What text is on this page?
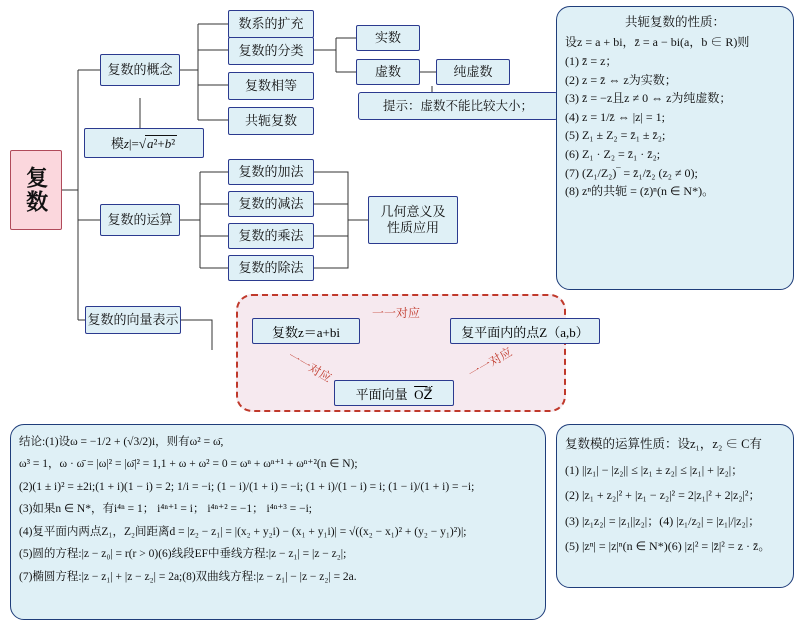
复数
复数的概念
复数的运算
复数的向量表示
数系的扩充
复数的分类
复数相等
共轭复数
实数
虚数	纯虚数
提示：虚数不能比较大小；
模z|=√a²+b²
复数的加法
复数的减法
复数的乘法
复数的除法
几何意义及
性质应用
复数z＝a+bi	复平面内的点Z（a,b）
平面向量 $\overline{OZ}$
一一对应
一一对应	一一对应
共轭复数的性质：
设z = a + bi，z̄ = a − bi(a，b ∈ R)则
(1) z̄̄ = z；
(2) z = z̄ ⇔ z为实数；
(3) z̄ = −z且z ≠ 0 ⇔ z为纯虚数；
(4) z = 1/z̄ ⇔ |z| = 1;
(5) Z₁ ± Z₂ = z̄₁ ± z̄₂;
(6) Z₁ · Z₂ = z̄₁ · z̄₂;
(7) (Z₁/Z₂)‾ = z̄₁/z̄₂ (z₂ ≠ 0);
(8) zⁿ的共轭 = (z̄)ⁿ(n ∈ N*)。
结论:(1)设ω = −1/2 + (√3/2)i，则有ω² = ω̄,
ω³ = 1，ω · ω̄ = |ω|² = |ω̄|² = 1,1 + ω + ω² = 0 = ωⁿ + ωⁿ⁺¹ + ωⁿ⁺²(n ∈ N);
(2)(1 ± i)² = ±2i;(1 + i)(1 − i) = 2; 1/i = −i; (1 − i)/(1 + i) = −i; (1 + i)/(1 − i) = i; (1 − i)/(1 + i) = −i;
(3)如果n ∈ N*，有i⁴ⁿ = 1； i⁴ⁿ⁺¹ = i； i⁴ⁿ⁺² = −1； i⁴ⁿ⁺³ = −i;
(4)复平面内两点Z₁，Z₂间距离d = |z₂ − z₁| = |(x₂ + y₂i) − (x₁ + y₁i)| = √((x₂ − x₁)² + (y₂ − y₁)²)|;
(5)圆的方程:|z − z₀| = r(r > 0)(6)线段EF中垂线方程:|z − z₁| = |z − z₂|;
(7)椭圆方程:|z − z₁| + |z − z₂| = 2a;(8)双曲线方程:|z − z₁| − |z − z₂| = 2a.
复数模的运算性质：设z₁，z₂ ∈ C有
(1) ||z₁| − |z₂|| ≤ |z₁ ± z₂| ≤ |z₁| + |z₂|；
(2) |z₁ + z₂|² + |z₁ − z₂|² = 2|z₁|² + 2|z₂|²；
(3) |z₁z₂| = |z₁||z₂|；(4) |z₁/z₂| = |z₁|/|z₂|；
(5) |zⁿ| = |z|ⁿ(n ∈ N*)(6) |z|² = |z̄|² = z · z̄。
